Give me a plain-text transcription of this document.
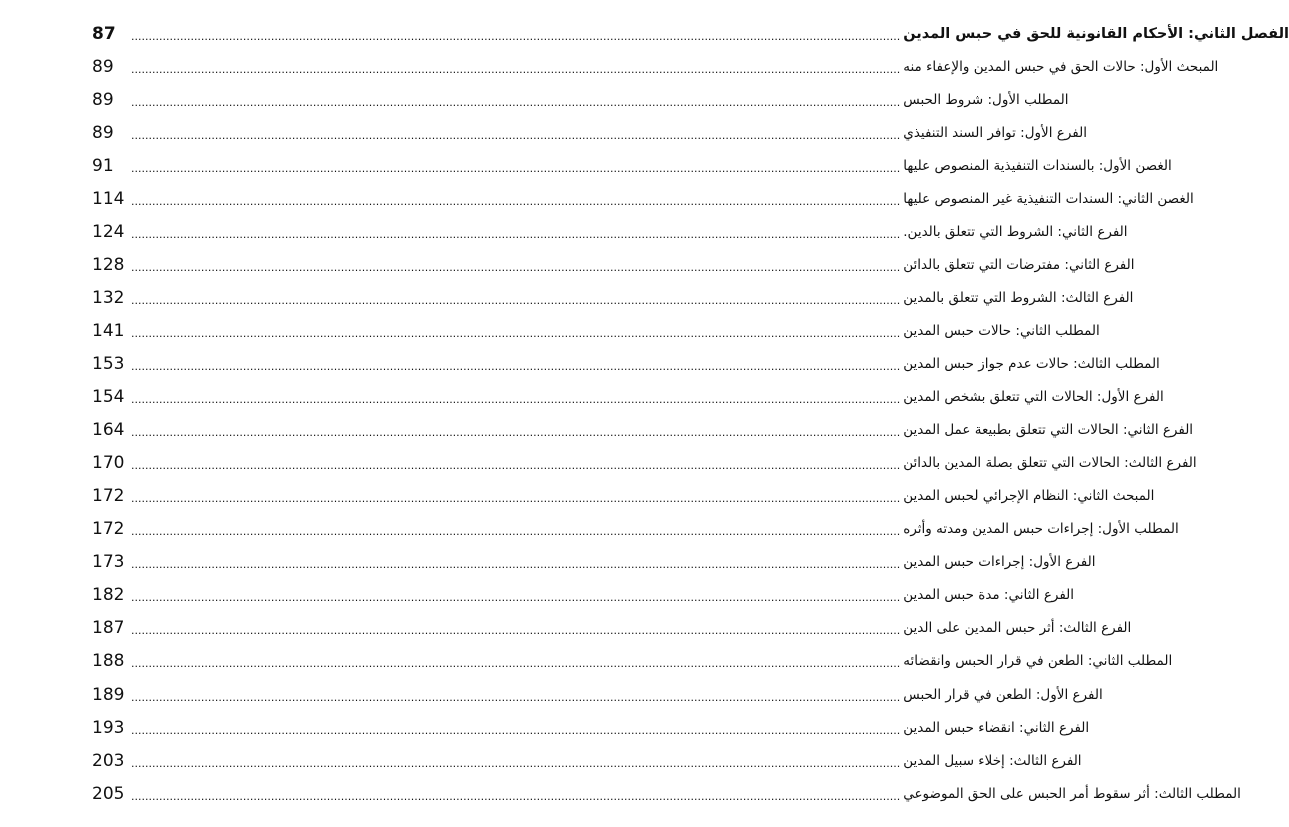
87	............................................................................................................................................................................................................................ الفصل الثاني: الأحكام القانونية للحق في حبس المدين
89	............................................................................................................................................................................................................................ المبحث الأول: حالات الحق في حبس المدين والإعفاء منه
89	............................................................................................................................................................................................................................ المطلب الأول: شروط الحبس
89	............................................................................................................................................................................................................................ الفرع الأول: توافر السند التنفيذي
91	............................................................................................................................................................................................................................ الغصن الأول: بالسندات التنفيذية المنصوص عليها
114 ............................................................................................................................................................................................................................ الغصن الثاني: السندات التنفيذية غير المنصوص عليها
124 ............................................................................................................................................................................................................................ الفرع الثاني: الشروط التي تتعلق بالدين.
128 ............................................................................................................................................................................................................................ الفرع الثاني: مفترضات التي تتعلق بالدائن
132 ............................................................................................................................................................................................................................ الفرع الثالث: الشروط التي تتعلق بالمدين
141 ............................................................................................................................................................................................................................ المطلب الثاني: حالات حبس المدين
153 ............................................................................................................................................................................................................................ المطلب الثالث: حالات عدم جواز حبس المدين
154 ............................................................................................................................................................................................................................ الفرع الأول: الحالات التي تتعلق بشخص المدين
164 ............................................................................................................................................................................................................................ الفرع الثاني: الحالات التي تتعلق بطبيعة عمل المدين
170 ............................................................................................................................................................................................................................ الفرع الثالث: الحالات التي تتعلق بصلة المدين بالدائن
172 ............................................................................................................................................................................................................................ المبحث الثاني: النظام الإجرائي لحبس المدين
172 ............................................................................................................................................................................................................................ المطلب الأول: إجراءات حبس المدين ومدته وأثره
173 ............................................................................................................................................................................................................................ الفرع الأول: إجراءات حبس المدين
182 ............................................................................................................................................................................................................................ الفرع الثاني: مدة حبس المدين
187 ............................................................................................................................................................................................................................ الفرع الثالث: أثر حبس المدين على الدين
188 ............................................................................................................................................................................................................................ المطلب الثاني: الطعن في قرار الحبس وانقضائه
189 ............................................................................................................................................................................................................................ الفرع الأول: الطعن في قرار الحبس
193 ............................................................................................................................................................................................................................ الفرع الثاني: انقضاء حبس المدين
203 ............................................................................................................................................................................................................................ الفرع الثالث: إخلاء سبيل المدين
205 ............................................................................................................................................................................................................................ المطلب الثالث: أثر سقوط أمر الحبس على الحق الموضوعي
